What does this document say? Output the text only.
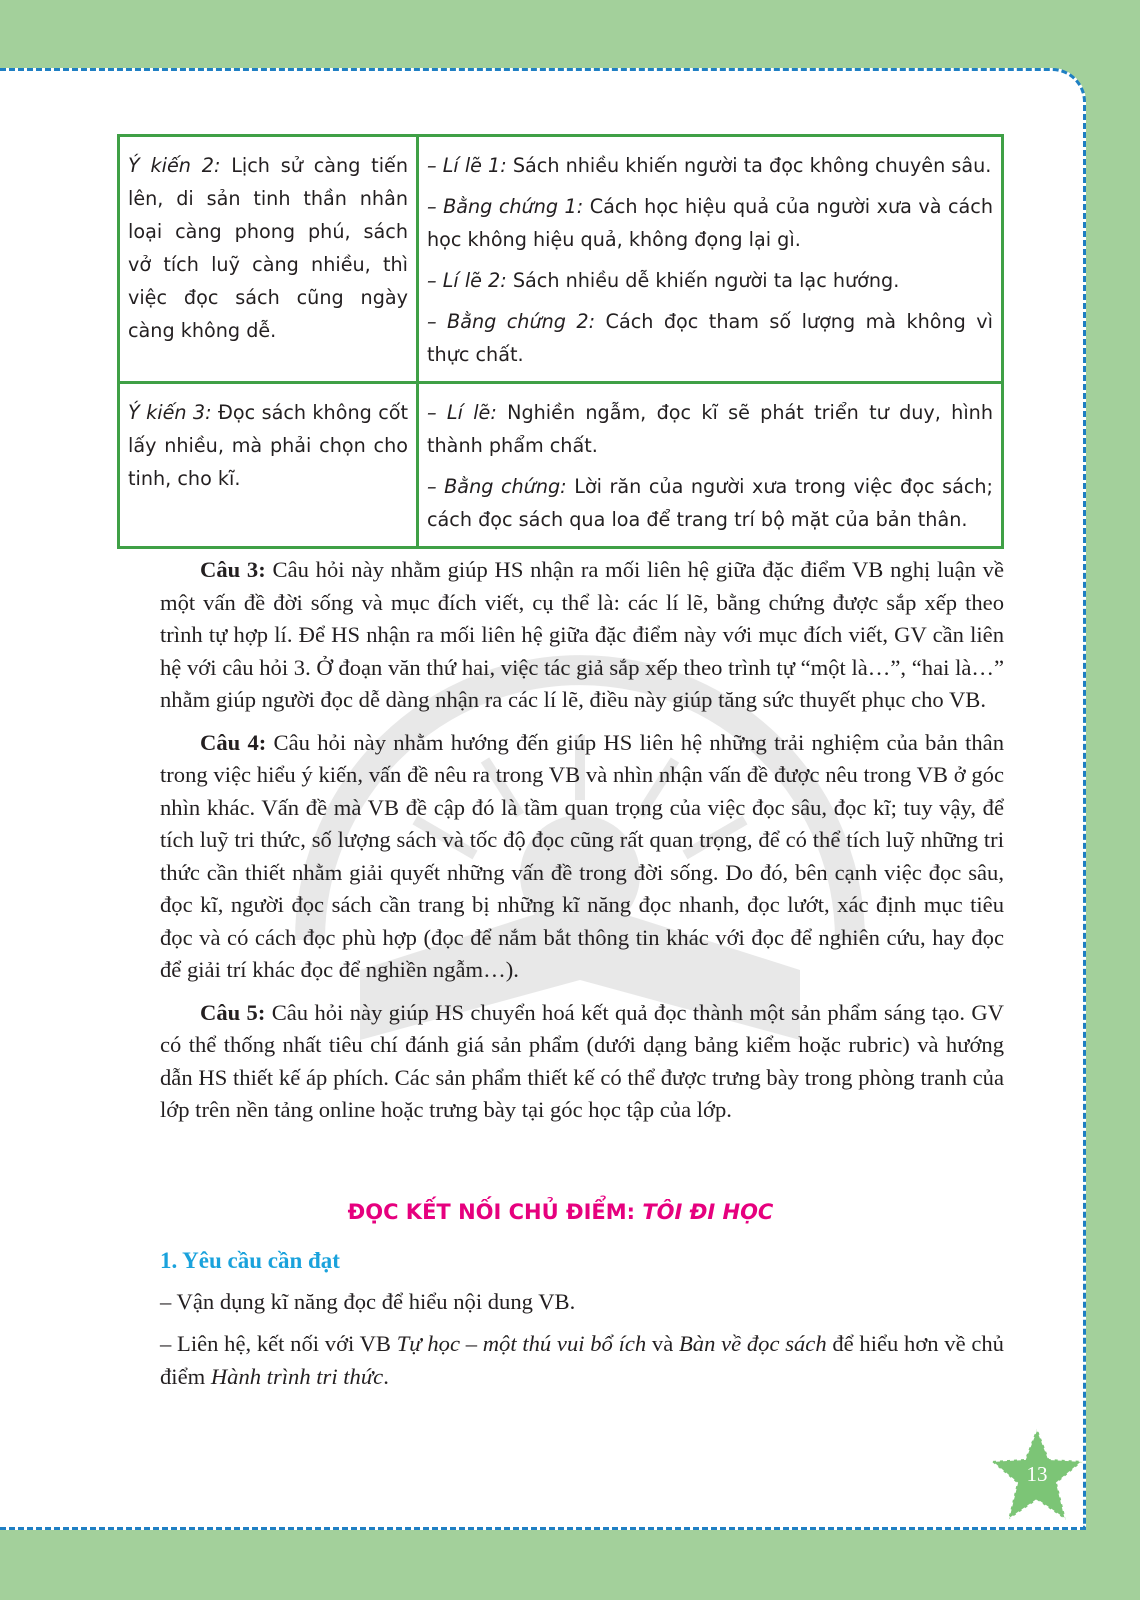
Ý kiến 2: Lịch sử càng tiến lên, di sản tinh thần nhân loại càng phong phú, sách vở tích luỹ càng nhiều, thì việc đọc sách cũng ngày càng không dễ.	– Lí lẽ 1: Sách nhiều khiến người ta đọc không chuyên sâu.

– Bằng chứng 1: Cách học hiệu quả của người xưa và cách học không hiệu quả, không đọng lại gì.

– Lí lẽ 2: Sách nhiều dễ khiến người ta lạc hướng.

– Bằng chứng 2: Cách đọc tham số lượng mà không vì thực chất.

Ý kiến 3: Đọc sách không cốt lấy nhiều, mà phải chọn cho tinh, cho kĩ.	– Lí lẽ: Nghiền ngẫm, đọc kĩ sẽ phát triển tư duy, hình thành phẩm chất.

– Bằng chứng: Lời răn của người xưa trong việc đọc sách; cách đọc sách qua loa để trang trí bộ mặt của bản thân.

Câu 3: Câu hỏi này nhằm giúp HS nhận ra mối liên hệ giữa đặc điểm VB nghị luận về một vấn đề đời sống và mục đích viết, cụ thể là: các lí lẽ, bằng chứng được sắp xếp theo trình tự hợp lí. Để HS nhận ra mối liên hệ giữa đặc điểm này với mục đích viết, GV cần liên hệ với câu hỏi 3. Ở đoạn văn thứ hai, việc tác giả sắp xếp theo trình tự “một là…”, “hai là…” nhằm giúp người đọc dễ dàng nhận ra các lí lẽ, điều này giúp tăng sức thuyết phục cho VB.

Câu 4: Câu hỏi này nhằm hướng đến giúp HS liên hệ những trải nghiệm của bản thân trong việc hiểu ý kiến, vấn đề nêu ra trong VB và nhìn nhận vấn đề được nêu trong VB ở góc nhìn khác. Vấn đề mà VB đề cập đó là tầm quan trọng của việc đọc sâu, đọc kĩ; tuy vậy, để tích luỹ tri thức, số lượng sách và tốc độ đọc cũng rất quan trọng, để có thể tích luỹ những tri thức cần thiết nhằm giải quyết những vấn đề trong đời sống. Do đó, bên cạnh việc đọc sâu, đọc kĩ, người đọc sách cần trang bị những kĩ năng đọc nhanh, đọc lướt, xác định mục tiêu đọc và có cách đọc phù hợp (đọc để nắm bắt thông tin khác với đọc để nghiên cứu, hay đọc để giải trí khác đọc để nghiền ngẫm…).

Câu 5: Câu hỏi này giúp HS chuyển hoá kết quả đọc thành một sản phẩm sáng tạo. GV có thể thống nhất tiêu chí đánh giá sản phẩm (dưới dạng bảng kiểm hoặc rubric) và hướng dẫn HS thiết kế áp phích. Các sản phẩm thiết kế có thể được trưng bày trong phòng tranh của lớp trên nền tảng online hoặc trưng bày tại góc học tập của lớp.

ĐỌC KẾT NỐI CHỦ ĐIỂM: TÔI ĐI HỌC
1. Yêu cầu cần đạt

– Vận dụng kĩ năng đọc để hiểu nội dung VB.

– Liên hệ, kết nối với VB Tự học – một thú vui bổ ích và Bàn về đọc sách để hiểu hơn về chủ điểm Hành trình tri thức.

13
